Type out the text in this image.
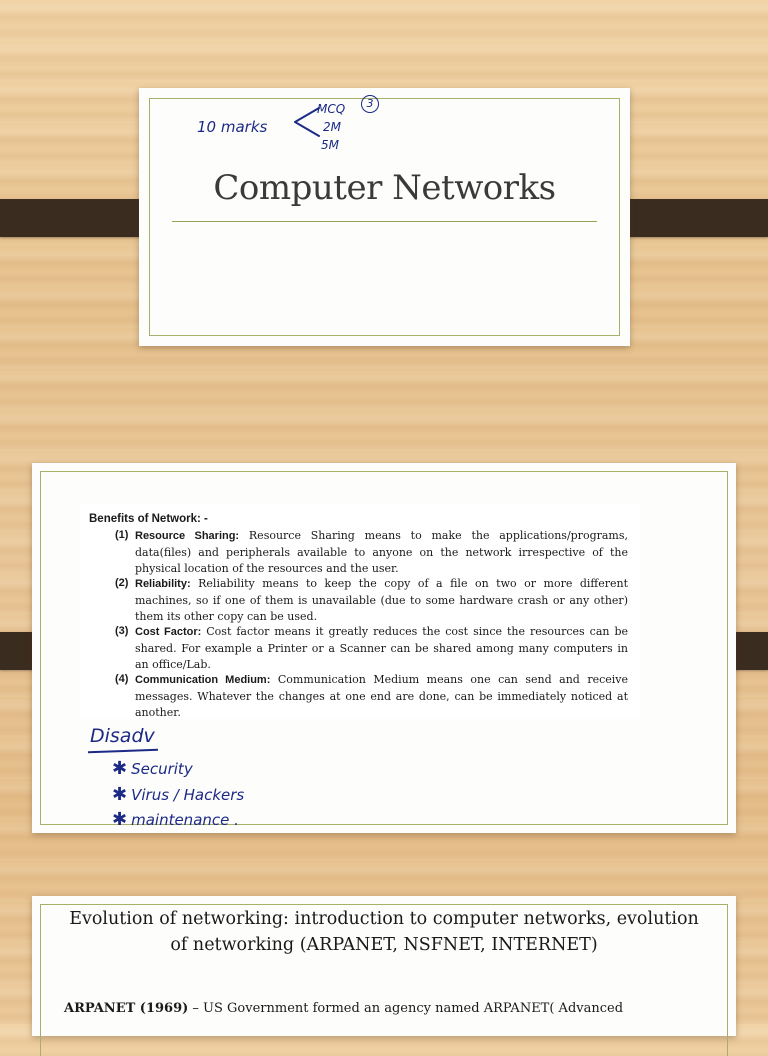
10 marks
MCQ	3
2M
5M
Computer Networks
Benefits of Network: -
(1) Resource Sharing: Resource Sharing means to make the applications/programs, data(files) and peripherals available to anyone on the network irrespective of the physical location of the resources and the user.
(2) Reliability: Reliability means to keep the copy of a file on two or more different machines, so if one of them is unavailable (due to some hardware crash or any other) them its other copy can be used.
(3) Cost Factor: Cost factor means it greatly reduces the cost since the resources can be shared. For example a Printer or a Scanner can be shared among many computers in an office/Lab.
(4) Communication Medium: Communication Medium means one can send and receive messages. Whatever the changes at one end are done, can be immediately noticed at another.
Disadv
✱ Security
✱ Virus / Hackers
✱ maintenance .
Evolution of networking: introduction to computer networks, evolution
of networking (ARPANET, NSFNET, INTERNET)
ARPANET (1969) – US Government formed an agency named ARPANET( Advanced
